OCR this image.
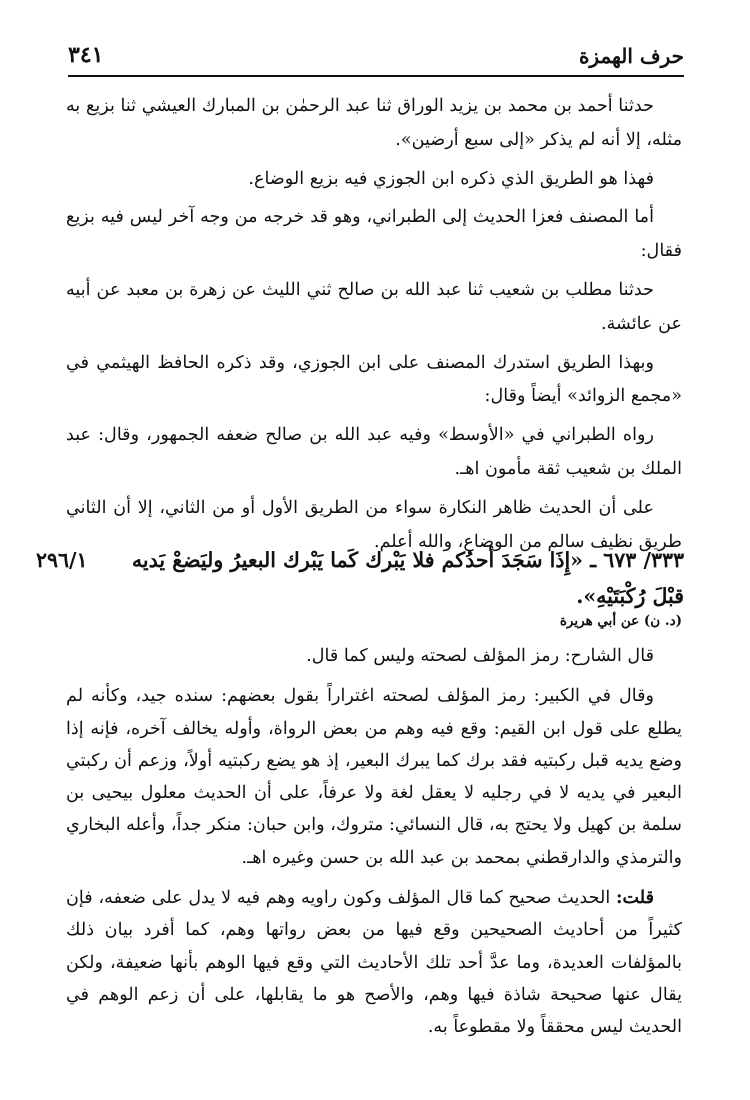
حرف الهمزة
٣٤١

حدثنا أحمد بن محمد بن يزيد الوراق ثنا عبد الرحمٰن بن المبارك العيشي ثنا بزيع به مثله، إلا أنه لم يذكر «إلى سبع أرضين».

فهذا هو الطريق الذي ذكره ابن الجوزي فيه بزيع الوضاع.

أما المصنف فعزا الحديث إلى الطبراني، وهو قد خرجه من وجه آخر ليس فيه بزيع فقال:

حدثنا مطلب بن شعيب ثنا عبد الله بن صالح ثني الليث عن زهرة بن معبد عن أبيه عن عائشة.

وبهذا الطريق استدرك المصنف على ابن الجوزي، وقد ذكره الحافظ الهيثمي في «مجمع الزوائد» أيضاً وقال:

رواه الطبراني في «الأوسط» وفيه عبد الله بن صالح ضعفه الجمهور، وقال: عبد الملك بن شعيب ثقة مأمون اهـ.

على أن الحديث ظاهر النكارة سواء من الطريق الأول أو من الثاني، إلا أن الثاني طريق نظيف سالم من الوضاع، والله أعلم.

٢٩٦/١	٣٣٣/ ٦٧٣ ـ «إِذَا سَجَدَ أحدُكم فلا يَبْرك كَما يَبْرك البعيرُ وليَضعْ يَديه قبْلَ رُكْبَتَيْهِ».

(د. ن) عن أبي هريرة

قال الشارح: رمز المؤلف لصحته وليس كما قال.

وقال في الكبير: رمز المؤلف لصحته اغتراراً بقول بعضهم: سنده جيد، وكأنه لم يطلع على قول ابن القيم: وقع فيه وهم من بعض الرواة، وأوله يخالف آخره، فإنه إذا وضع يديه قبل ركبتيه فقد برك كما يبرك البعير، إذ هو يضع ركبتيه أولاً، وزعم أن ركبتي البعير في يديه لا في رجليه لا يعقل لغة ولا عرفاً، على أن الحديث معلول بيحيى بن سلمة بن كهيل ولا يحتج به، قال النسائي: متروك، وابن حبان: منكر جداً، وأعله البخاري والترمذي والدارقطني بمحمد بن عبد الله بن حسن وغيره اهـ.

قلت: الحديث صحيح كما قال المؤلف وكون راويه وهم فيه لا يدل على ضعفه، فإن كثيراً من أحاديث الصحيحين وقع فيها من بعض رواتها وهم، كما أفرد بيان ذلك بالمؤلفات العديدة، وما عدَّ أحد تلك الأحاديث التي وقع فيها الوهم بأنها ضعيفة، ولكن يقال عنها صحيحة شاذة فيها وهم، والأصح هو ما يقابلها، على أن زعم الوهم في الحديث ليس محققاً ولا مقطوعاً به.
